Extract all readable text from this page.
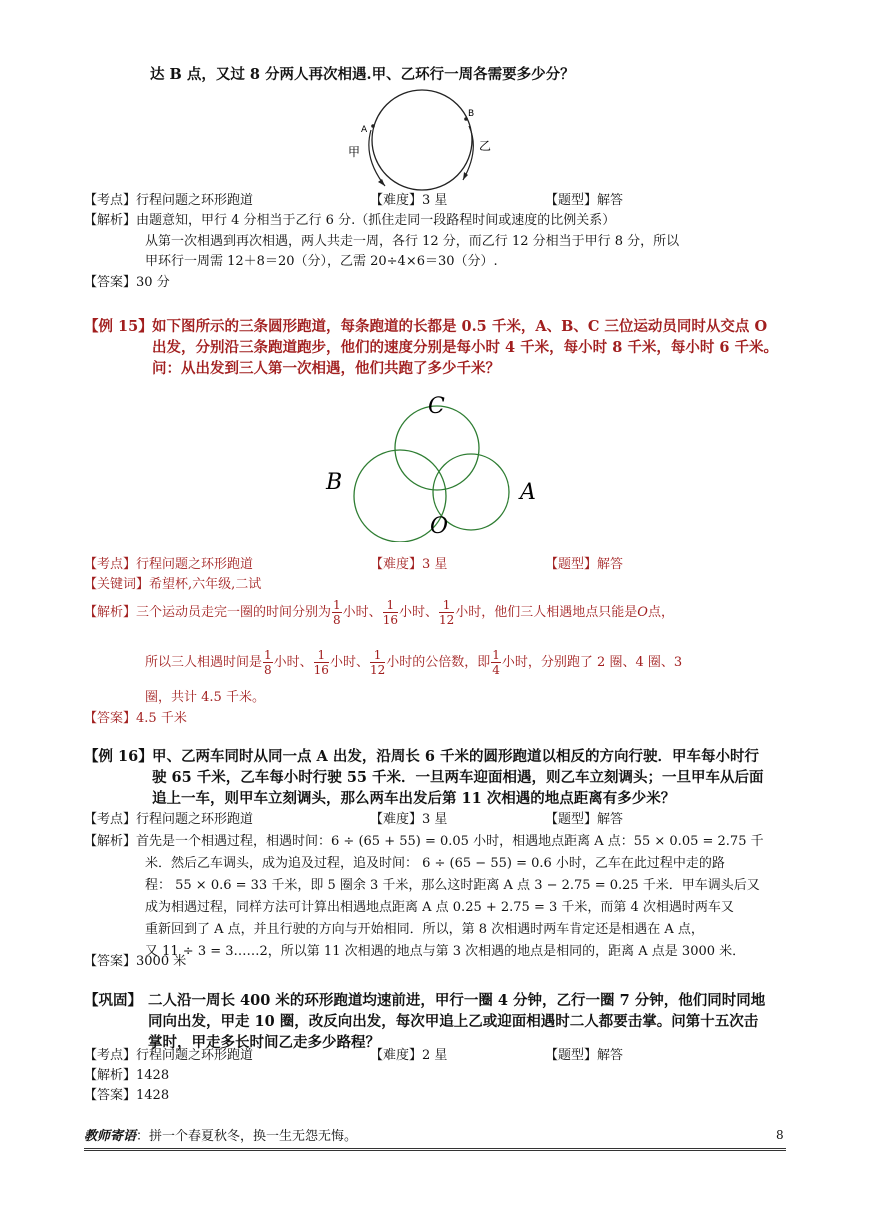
达 B 点，又过 8 分两人再次相遇.甲、乙环行一周各需要多少分？
A
B
甲	乙
【考点】行程问题之环形跑道	【难度】3 星	【题型】解答
【解析】由题意知，甲行 4 分相当于乙行 6 分.（抓住走同一段路程时间或速度的比例关系）
从第一次相遇到再次相遇，两人共走一周，各行 12 分，而乙行 12 分相当于甲行 8 分，所以
甲环行一周需 12＋8＝20（分），乙需 20÷4×6＝30（分）.
【答案】30 分
【例 15】 如下图所示的三条圆形跑道，每条跑道的长都是 0.5 千米，A、B、C 三位运动员同时从交点 O
出发，分别沿三条跑道跑步，他们的速度分别是每小时 4 千米，每小时 8 千米，每小时 6 千米。
问：从出发到三人第一次相遇，他们共跑了多少千米？
C
B	A
O
【考点】行程问题之环形跑道	【难度】3 星	【题型】解答
【关键词】希望杯,六年级,二试
【解析】三个运动员走完一圈的时间分别为 $\frac{1}{8}$ 小时、 $\frac{1}{16}$ 小时、 $\frac{1}{12}$ 小时，他们三人相遇地点只能是O点，
所以三人相遇时间是 $\frac{1}{8}$ 小时、 $\frac{1}{16}$ 小时、 $\frac{1}{12}$ 小时的公倍数，即 $\frac{1}{4}$ 小时，分别跑了 2 圈、4 圈、3
圈，共计 4.5 千米。
【答案】4.5 千米
【例 16】 甲、乙两车同时从同一点 A 出发，沿周长 6 千米的圆形跑道以相反的方向行驶．甲车每小时行
驶 65 千米，乙车每小时行驶 55 千米．一旦两车迎面相遇，则乙车立刻调头；一旦甲车从后面
追上一车，则甲车立刻调头，那么两车出发后第 11 次相遇的地点距离有多少米？
【考点】行程问题之环形跑道	【难度】3 星	【题型】解答
【解析】首先是一个相遇过程，相遇时间：6 ÷ (65 + 55) = 0.05 小时，相遇地点距离 A 点：55 × 0.05 = 2.75 千
米．然后乙车调头，成为追及过程，追及时间： 6 ÷ (65 − 55) = 0.6 小时，乙车在此过程中走的路
程： 55 × 0.6 = 33 千米，即 5 圈余 3 千米，那么这时距离 A 点 3 − 2.75 = 0.25 千米．甲车调头后又
成为相遇过程，同样方法可计算出相遇地点距离 A 点 0.25 + 2.75 = 3 千米，而第 4 次相遇时两车又
重新回到了 A 点，并且行驶的方向与开始相同．所以，第 8 次相遇时两车肯定还是相遇在 A 点，
又 11 ÷ 3 = 3……2，所以第 11 次相遇的地点与第 3 次相遇的地点是相同的，距离 A 点是 3000 米．
【答案】3000 米
【巩固】 二人沿一周长 400 米的环形跑道均速前进，甲行一圈 4 分钟，乙行一圈 7 分钟，他们同时同地
同向出发，甲走 10 圈，改反向出发，每次甲追上乙或迎面相遇时二人都要击掌。问第十五次击
掌时，甲走多长时间乙走多少路程？
【考点】行程问题之环形跑道	【难度】2 星	【题型】解答
【解析】1428
【答案】1428
教师寄语：拼一个春夏秋冬，换一生无怨无悔。	8
